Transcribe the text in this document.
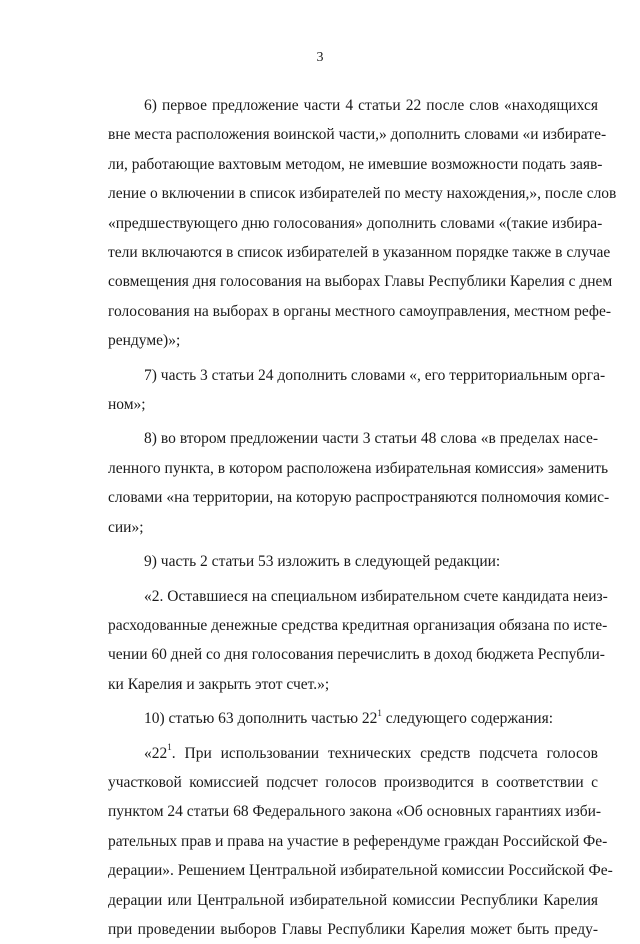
3
6) первое предложение части 4 статьи 22 после слов «находящихся
вне места расположения воинской части,» дополнить словами «и избирате-
ли, работающие вахтовым методом, не имевшие возможности подать заяв-
ление о включении в список избирателей по месту нахождения,», после слов
«предшествующего дню голосования» дополнить словами «(такие избира-
тели включаются в список избирателей в указанном порядке также в случае
совмещения дня голосования на выборах Главы Республики Карелия с днем
голосования на выборах в органы местного самоуправления, местном рефе-
рендуме)»;
7) часть 3 статьи 24 дополнить словами «, его территориальным орга-
ном»;
8) во втором предложении части 3 статьи 48 слова «в пределах насе-
ленного пункта, в котором расположена избирательная комиссия» заменить
словами «на территории, на которую распространяются полномочия комис-
сии»;
9) часть 2 статьи 53 изложить в следующей редакции:
«2. Оставшиеся на специальном избирательном счете кандидата неиз-
расходованные денежные средства кредитная организация обязана по исте-
чении 60 дней со дня голосования перечислить в доход бюджета Республи-
ки Карелия и закрыть этот счет.»;
10) статью 63 дополнить частью $22^1$ следующего содержания:
«$22^1$. При использовании технических средств подсчета голосов
участковой комиссией подсчет голосов производится в соответствии с
пунктом 24 статьи 68 Федерального закона «Об основных гарантиях изби-
рательных прав и права на участие в референдуме граждан Российской Фе-
дерации». Решением Центральной избирательной комиссии Российской Фе-
дерации или Центральной избирательной комиссии Республики Карелия
при проведении выборов Главы Республики Карелия может быть преду-
